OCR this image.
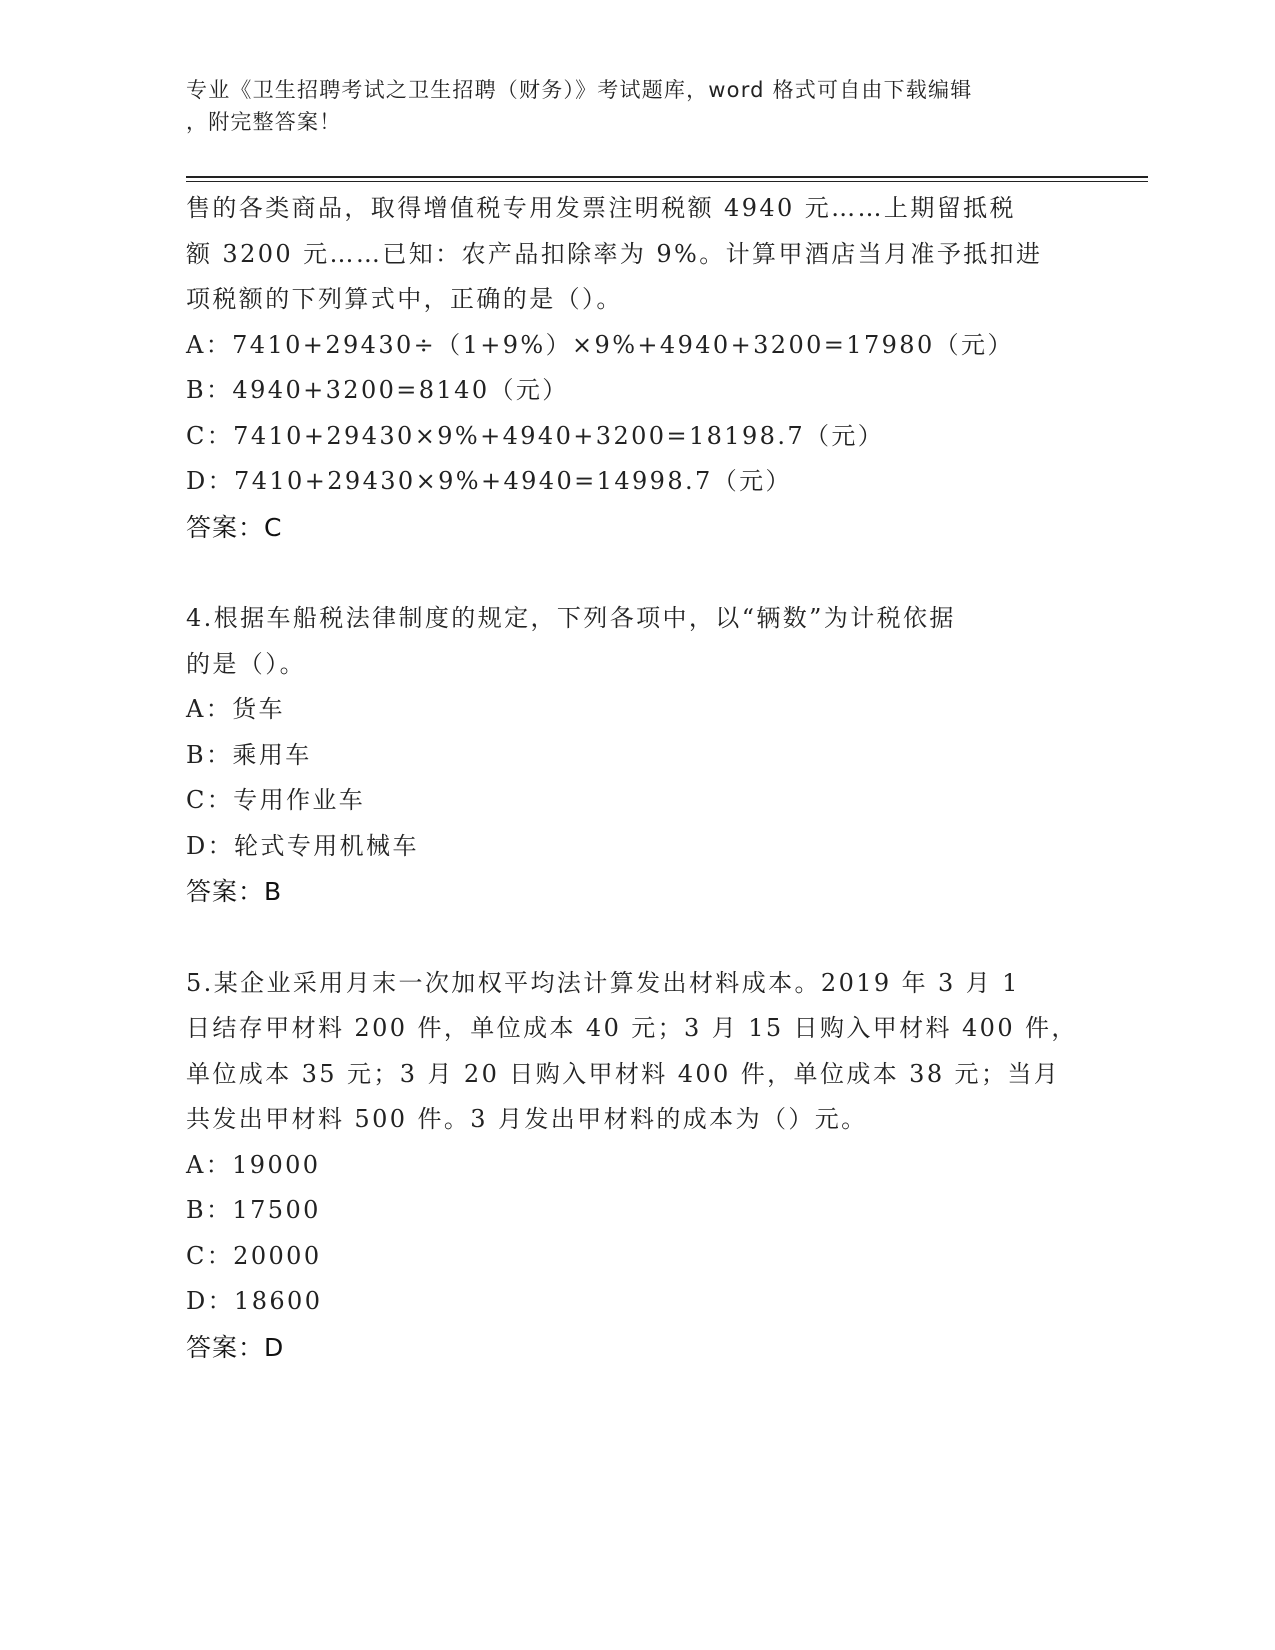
专业《卫生招聘考试之卫生招聘（财务）》考试题库，word 格式可自由下载编辑
，附完整答案！
售的各类商品，取得增值税专用发票注明税额 4940 元……上期留抵税
额 3200 元……已知：农产品扣除率为 9%。计算甲酒店当月准予抵扣进
项税额的下列算式中，正确的是（）。
A：7410+29430÷（1+9%）×9%+4940+3200=17980（元）
B：4940+3200=8140（元）
C：7410+29430×9%+4940+3200=18198.7（元）
D：7410+29430×9%+4940=14998.7（元）
答案：C
4.根据车船税法律制度的规定，下列各项中，以“辆数”为计税依据
的是（）。
A：货车
B：乘用车
C：专用作业车
D：轮式专用机械车
答案：B
5.某企业采用月末一次加权平均法计算发出材料成本。2019 年 3 月 1
日结存甲材料 200 件，单位成本 40 元；3 月 15 日购入甲材料 400 件，
单位成本 35 元；3 月 20 日购入甲材料 400 件，单位成本 38 元；当月
共发出甲材料 500 件。3 月发出甲材料的成本为（）元。
A：19000
B：17500
C：20000
D：18600
答案：D
